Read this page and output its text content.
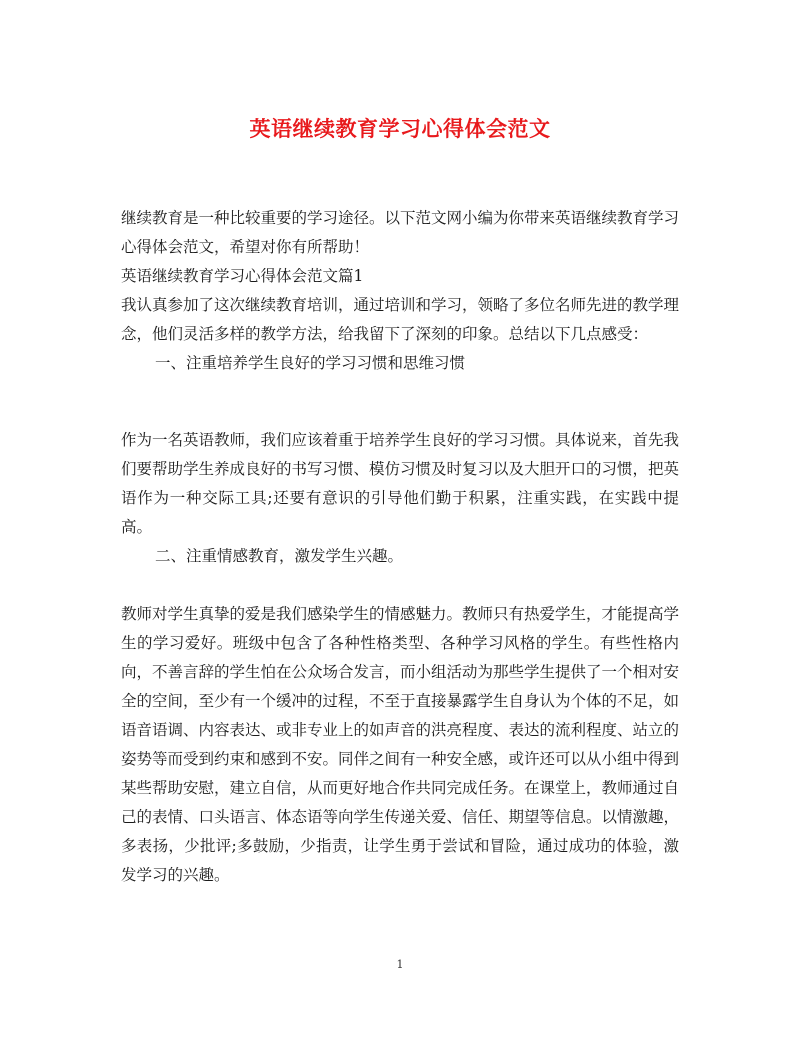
英语继续教育学习心得体会范文

继续教育是一种比较重要的学习途径。以下范文网小编为你带来英语继续教育学习心得体会范文，希望对你有所帮助！

英语继续教育学习心得体会范文篇1

我认真参加了这次继续教育培训，通过培训和学习，领略了多位名师先进的教学理念，他们灵活多样的教学方法，给我留下了深刻的印象。总结以下几点感受：

一、注重培养学生良好的学习习惯和思维习惯

作为一名英语教师，我们应该着重于培养学生良好的学习习惯。具体说来，首先我们要帮助学生养成良好的书写习惯、模仿习惯及时复习以及大胆开口的习惯，把英语作为一种交际工具;还要有意识的引导他们勤于积累，注重实践，在实践中提高。

二、注重情感教育，激发学生兴趣。

教师对学生真挚的爱是我们感染学生的情感魅力。教师只有热爱学生，才能提高学生的学习爱好。班级中包含了各种性格类型、各种学习风格的学生。有些性格内向，不善言辞的学生怕在公众场合发言，而小组活动为那些学生提供了一个相对安全的空间，至少有一个缓冲的过程，不至于直接暴露学生自身认为个体的不足，如语音语调、内容表达、或非专业上的如声音的洪亮程度、表达的流利程度、站立的姿势等而受到约束和感到不安。同伴之间有一种安全感，或许还可以从小组中得到某些帮助安慰，建立自信，从而更好地合作共同完成任务。在课堂上，教师通过自己的表情、口头语言、体态语等向学生传递关爱、信任、期望等信息。以情激趣，多表扬，少批评;多鼓励，少指责，让学生勇于尝试和冒险，通过成功的体验，激发学习的兴趣。

1
